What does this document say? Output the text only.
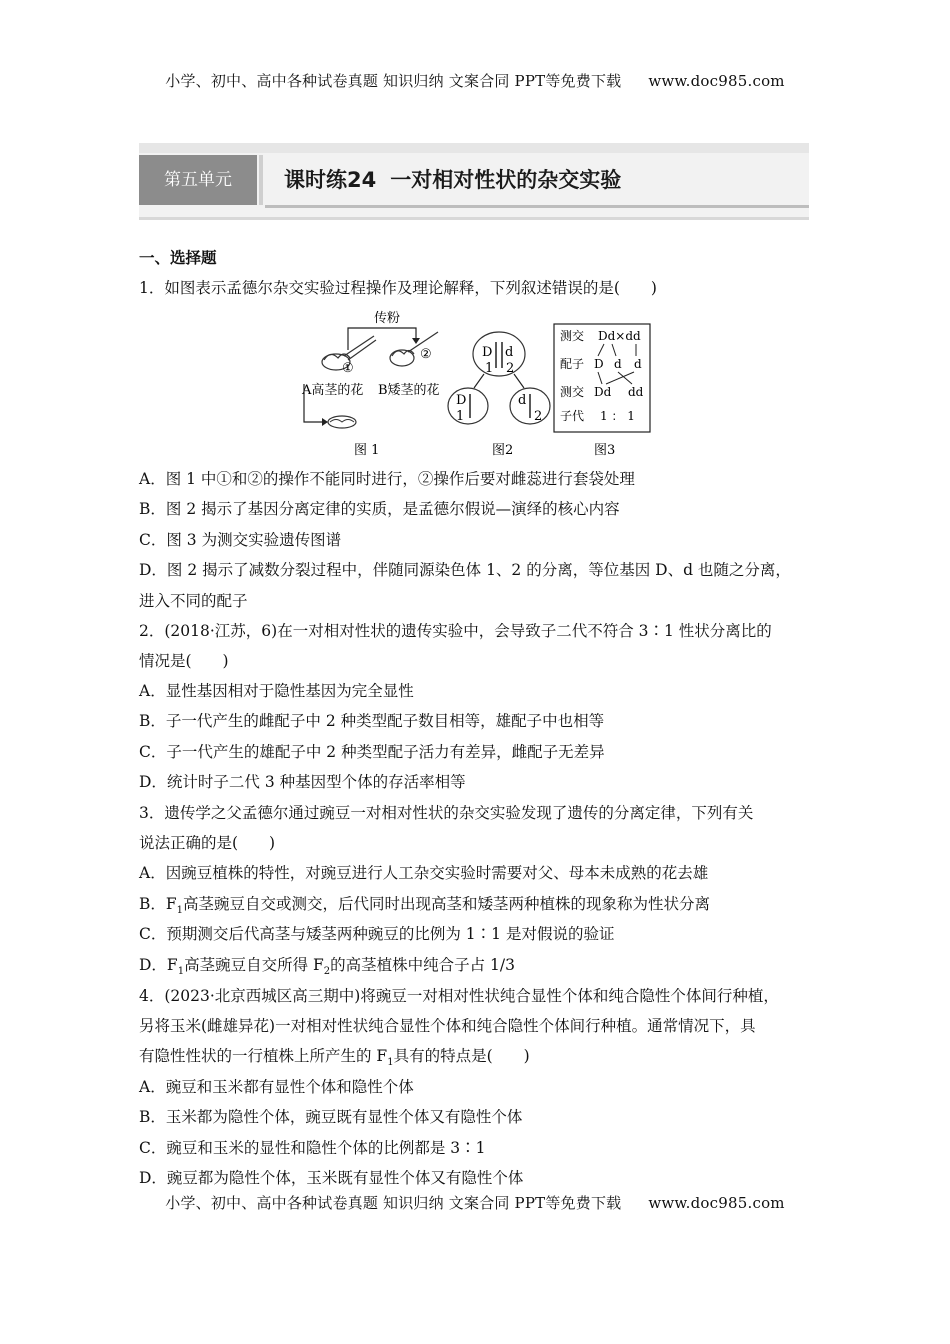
小学、初中、高中各种试卷真题 知识归纳 文案合同 PPT等免费下载 www.doc985.com
第五单元	课时练24 一对相对性状的杂交实验
一、选择题
1．如图表示孟德尔杂交实验过程操作及理论解释，下列叙述错误的是(　　)
A．图 1 中①和②的操作不能同时进行，②操作后要对雌蕊进行套袋处理
B．图 2 揭示了基因分离定律的实质，是孟德尔假说—演绎的核心内容
C．图 3 为测交实验遗传图谱
D．图 2 揭示了减数分裂过程中，伴随同源染色体 1、2 的分离，等位基因 D、d 也随之分离，
进入不同的配子
2．(2018·江苏，6)在一对相对性状的遗传实验中，会导致子二代不符合 3∶1 性状分离比的
情况是(　　)
A．显性基因相对于隐性基因为完全显性
B．子一代产生的雌配子中 2 种类型配子数目相等，雄配子中也相等
C．子一代产生的雄配子中 2 种类型配子活力有差异，雌配子无差异
D．统计时子二代 3 种基因型个体的存活率相等
3．遗传学之父孟德尔通过豌豆一对相对性状的杂交实验发现了遗传的分离定律，下列有关
说法正确的是(　　)
A．因豌豆植株的特性，对豌豆进行人工杂交实验时需要对父、母本未成熟的花去雄
B．$F_1$高茎豌豆自交或测交，后代同时出现高茎和矮茎两种植株的现象称为性状分离
C．预期测交后代高茎与矮茎两种豌豆的比例为 1∶1 是对假说的验证
D．$F_1$高茎豌豆自交所得 $F_2$的高茎植株中纯合子占 1/3
4．(2023·北京西城区高三期中)将豌豆一对相对性状纯合显性个体和纯合隐性个体间行种植，
另将玉米(雌雄异花)一对相对性状纯合显性个体和纯合隐性个体间行种植。通常情况下，具
有隐性性状的一行植株上所产生的 $F_1$具有的特点是(　　)
A．豌豆和玉米都有显性个体和隐性个体
B．玉米都为隐性个体，豌豆既有显性个体又有隐性个体
C．豌豆和玉米的显性和隐性个体的比例都是 3∶1
D．豌豆都为隐性个体，玉米既有显性个体又有隐性个体
传粉
①
②
A高茎的花 B矮茎的花
图 1
D d
1 2
D
1
d
2
图2
测交 Dd×dd
配子 D d d
测交 Dd dd
子代 1 ： 1
图3
小学、初中、高中各种试卷真题 知识归纳 文案合同 PPT等免费下载 www.doc985.com
